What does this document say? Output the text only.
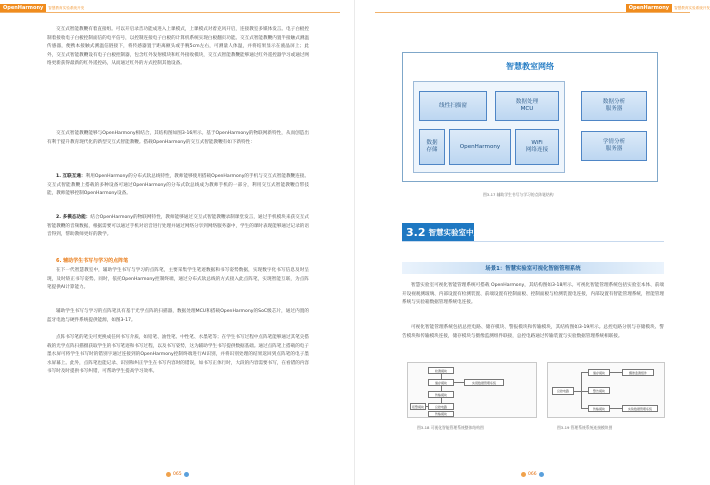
OpenHarmony	智慧教育实验系统开发
交互式智能教鞭有着直接组。可以开启录音功能成进入上课模式，上课模式对着克风开启，连接教室多媒体发言。电子白板控制着接收电子白板控制面信的电平信号，以控制连接电子白板的计算机系统实现白板翻页功能。交互式智能教鞭内置半接触式测温传感器，便携本接触式测温信链接下，将传感器置于距离额头或手腕5cm左右，可测量人体温，并将结果显示在液晶屏上；此外，交互式智能教鞭设有电子白板控制器，包含红外发射模块和红外接收模块，交互式智能教鞭能够通过红外遥控器学习或通过网络更新获得最新的红外遥控码，从而通过红外的方式控制其他设备。
交互式智能教鞭能够与OpenHarmony相结合，其结构图如图3-16所示。基于OpenHarmony的物联网新特性，从而创造出有利于提升教育现代化的新型交互式智能教鞭。搭载OpenHarmony的交互式智能教鞭有如下新特性：
1. 互联互通：利用OpenHarmony的分布式软总线特性，教师能够使用搭载OpenHarmony的手机与交互式智能教鞭连接。交互式智能教鞭上搭载的多种设备可通过OpenHarmony的分布式软总线成为教师手机的一部分，利用交互式智能教鞭自带技能，教师能够控制OpenHarmony设备。
2. 多模态功能：结合OpenHarmony的物联网特性，教师能够通过交互式智能教鞭录制课堂发言，通过手机模块来获交互式智能教鞭的音频数据，根据需要可以通过手机对语音进行处理并通过网络分享到网络服务器中，学生的课时表现能够通过记录的语音得到，帮助教师更好的教学。
6. 辅助学生书写与学习的点阵笔
在下一代智慧教室中，辅助学生书写与学习的点阵笔，主要采集学生笔迹数据和书写姿势数据，实现数字化书写信息及时呈现，及时矫正书写姿势。同时，依托OpenHarmony控制终端，通过分布式软总线的方式接入此点阵笔，实现智能互联，为点阵笔提供AI计算能力。
辅助学生书写与学习的点阵笔具有基于光学点阵的扫描器，数据处理MCU和搭载OpenHarmony的SoC级芯片，通过内置的蓝牙电池与硬件系统提供能源，如图3-17。
点阵书写笔的笔尖可更换成任何书写介质，如铅笔、油性笔、中性笔、水墨笔等；在学生书写过程中点阵笔能够通过其笔尖搭载的光学点阵扫描摄获取学生的书写笔迹和书写过程，以及书写姿势，这为辅助学生书写提供数据基础。通过点阵笔上搭载的电子墨水屏可将学生书写时的错别字通过连接到的OpenHarmony控制终端进行AI识别，并将识别处理的结果返回到点阵笔的电子墨水屏幕上。此外，点阵笔也能记录、识别和纠正学生在书写内容时的错误，如书写正体行时，大段的内容需要书写，在看错的内容书写时及时提供书写纠错，可帮助学生提高学习效率。
065
OpenHarmony	智慧教育实验系统开发
智慧教室网络
线性扫描窗
数据处理
MCU
数据
存储
OpenHarmony
WiFi
网络连接
数据分析
服务器
学情分析
服务器
图3-17 辅助学生书写与学习的点阵笔结构
3.2 智慧实验室中应用
场景1：智慧实验室可视化智能管理系统
智慧实验室可视化智能管理系统可搭载 OpenHarmony，其结构图如3-18所示。可视化智能管理系统包括实验室本体、前端开设视观测玻璃、内部设置有检测装置、前端设置有控制面板、控制面板与检测装置电连接，内部设置有智能管理系统，智能管理系统与实验箱数据管理系统电连接。
可视化智能管理系统包括总控电路、储存模块、警报模块和传输模块，其结构图如3-19所示。总控电路分别与存储模块、警告模块和传输模块连接，储存模块与摄像监测组件联接，总控电路通过传输装置与实验数据管理系统相联接。
检测模块
储存模块	实现数据管理系统
传输模块
报警模块	总控电路
传输模块
总控电路
储存模块	摄像监测组件
警告模块
传输模块	实验数据管理系统
图3-18 可视化智能管理系统整体结构图	图3-19 管理系统系统连接模块图
066
